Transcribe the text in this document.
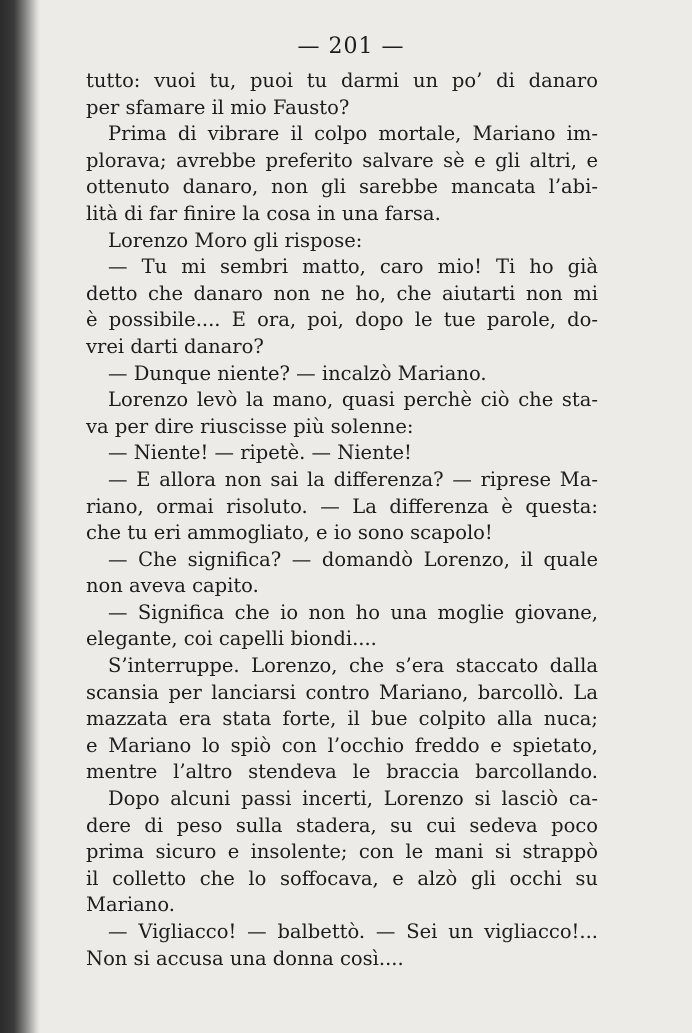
— 201 —
tutto: vuoi tu, puoi tu darmi un po’ di danaro
per sfamare il mio Fausto?
Prima di vibrare il colpo mortale, Mariano im-
plorava; avrebbe preferito salvare sè e gli altri, e
ottenuto danaro, non gli sarebbe mancata l’abi-
lità di far finire la cosa in una farsa.
Lorenzo Moro gli rispose:
— Tu mi sembri matto, caro mio! Ti ho già
detto che danaro non ne ho, che aiutarti non mi
è possibile.... E ora, poi, dopo le tue parole, do-
vrei darti danaro?
— Dunque niente? — incalzò Mariano.
Lorenzo levò la mano, quasi perchè ciò che sta-
va per dire riuscisse più solenne:
— Niente! — ripetè. — Niente!
— E allora non sai la differenza? — riprese Ma-
riano, ormai risoluto. — La differenza è questa:
che tu eri ammogliato, e io sono scapolo!
— Che significa? — domandò Lorenzo, il quale
non aveva capito.
— Significa che io non ho una moglie giovane,
elegante, coi capelli biondi....
S’interruppe. Lorenzo, che s’era staccato dalla
scansia per lanciarsi contro Mariano, barcollò. La
mazzata era stata forte, il bue colpito alla nuca;
e Mariano lo spiò con l’occhio freddo e spietato,
mentre l’altro stendeva le braccia barcollando.
Dopo alcuni passi incerti, Lorenzo si lasciò ca-
dere di peso sulla stadera, su cui sedeva poco
prima sicuro e insolente; con le mani si strappò
il colletto che lo soffocava, e alzò gli occhi su
Mariano.
— Vigliacco! — balbettò. — Sei un vigliacco!...
Non si accusa una donna così....
